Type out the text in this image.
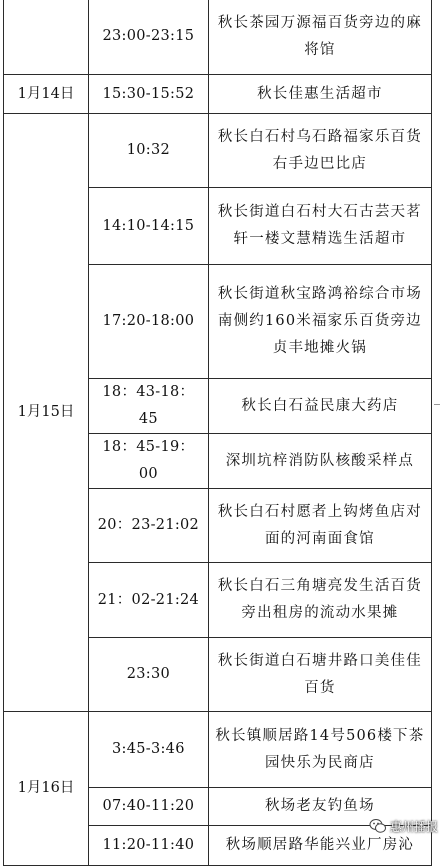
	23:00-23:15	秋长茶园万源福百货旁边的麻将馆
1月14日	15:30-15:52	秋长佳惠生活超市
1月15日	10:32	秋长白石村乌石路福家乐百货右手边巴比店
	14:10-14:15	秋长街道白石村大石古芸天茗轩一楼文慧精选生活超市
	17:20-18:00	秋长街道秋宝路鸿裕综合市场南侧约160米福家乐百货旁边贞丰地摊火锅
	18：43-18：45	秋长白石益民康大药店
	18：45-19：00	深圳坑梓消防队核酸采样点
	20：23-21:02	秋长白石村愿者上钩烤鱼店对面的河南面食馆
	21：02-21:24	秋长白石三角塘亮发生活百货旁出租房的流动水果摊
	23:30	秋长街道白石塘井路口美佳佳百货
1月16日	3:45-3:46	秋长镇顺居路14号506楼下茶园快乐为民商店
	07:40-11:20	秋场老友钓鱼场
	11:20-11:40	秋场顺居路华能兴业厂房沁
惠州播报
